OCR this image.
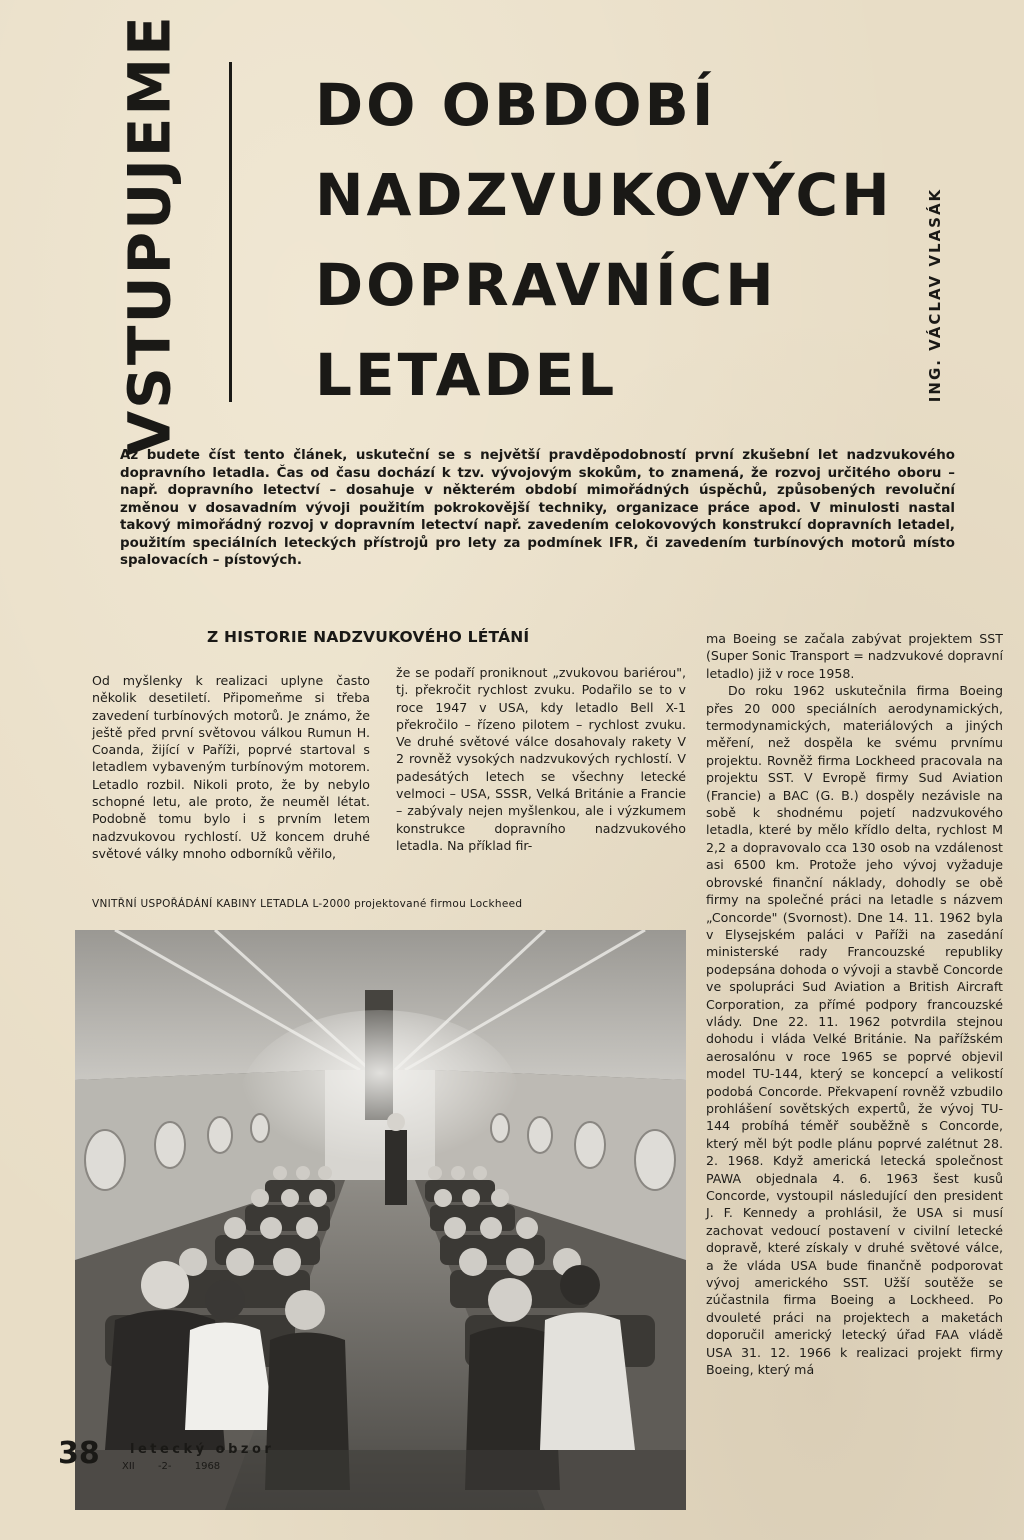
VSTUPUJEME DO OBDOBÍ
NADZVUKOVÝCH
DOPRAVNÍCH
LETADEL	ING. VÁCLAV VLASÁK
Až budete číst tento článek, uskuteční se s největší pravděpodobností první zkušební let nadzvukového dopravního letadla. Čas od času dochází k tzv. vývojovým skokům, to znamená, že rozvoj určitého oboru – např. dopravního letectví – dosahuje v některém období mimořádných úspěchů, způsobených revoluční změnou v dosavadním vývoji použitím pokrokovější techniky, organizace práce apod. V minulosti nastal takový mimořádný rozvoj v dopravním letectví např. zavedením celokovových konstrukcí dopravních letadel, použitím speciálních leteckých přístrojů pro lety za podmínek IFR, či zavedením turbínových motorů místo spalovacích – pístových.
Z HISTORIE NADZVUKOVÉHO LÉTÁNÍ

Od myšlenky k realizaci uplyne často několik desetiletí. Připomeňme si třeba zavedení turbínových motorů. Je známo, že ještě před první světovou válkou Rumun H. Coanda, žijící v Paříži, poprvé startoval s letadlem vybaveným turbínovým motorem. Letadlo rozbil. Nikoli proto, že by nebylo schopné letu, ale proto, že neuměl létat. Podobně tomu bylo i s prvním letem nadzvukovou rychlostí. Už koncem druhé světové války mnoho odborníků věřilo,

že se podaří proniknout „zvukovou bariérou", tj. překročit rychlost zvuku. Podařilo se to v roce 1947 v USA, kdy letadlo Bell X-1 překročilo – řízeno pilotem – rychlost zvuku. Ve druhé světové válce dosahovaly rakety V 2 rovněž vysokých nadzvukových rychlostí. V padesátých letech se všechny letecké velmoci – USA, SSSR, Velká Británie a Francie – zabývaly nejen myšlenkou, ale i výzkumem konstrukce dopravního nadzvukového letadla. Na příklad fir-

ma Boeing se začala zabývat projektem SST (Super Sonic Transport = nadzvukové dopravní letadlo) již v roce 1958.

Do roku 1962 uskutečnila firma Boeing přes 20 000 speciálních aerodynamických, termodynamických, materiálových a jiných měření, než dospěla ke svému prvnímu projektu. Rovněž firma Lockheed pracovala na projektu SST. V Evropě firmy Sud Aviation (Francie) a BAC (G. B.) dospěly nezávisle na sobě k shodnému pojetí nadzvukového letadla, které by mělo křídlo delta, rychlost M 2,2 a dopravovalo cca 130 osob na vzdálenost asi 6500 km. Protože jeho vývoj vyžaduje obrovské finanční náklady, dohodly se obě firmy na společné práci na letadle s názvem „Concorde" (Svornost). Dne 14. 11. 1962 byla v Elysejském paláci v Paříži na zasedání ministerské rady Francouzské republiky podepsána dohoda o vývoji a stavbě Concorde ve spolupráci Sud Aviation a British Aircraft Corporation, za přímé podpory francouzské vlády. Dne 22. 11. 1962 potvrdila stejnou dohodu i vláda Velké Británie. Na pařížském aerosalónu v roce 1965 se poprvé objevil model TU-144, který se koncepcí a velikostí podobá Concorde. Překvapení rovněž vzbudilo prohlášení sovětských expertů, že vývoj TU-144 probíhá téměř souběžně s Concorde, který měl být podle plánu poprvé zalétnut 28. 2. 1968. Když americká letecká společnost PAWA objednala 4. 6. 1963 šest kusů Concorde, vystoupil následující den president J. F. Kennedy a prohlásil, že USA si musí zachovat vedoucí postavení v civilní letecké dopravě, které získaly v druhé světové válce, a že vláda USA bude finančně podporovat vývoj amerického SST. Užší soutěže se zúčastnila firma Boeing a Lockheed. Po dvouleté práci na projektech a maketách doporučil americký letecký úřad FAA vládě USA 31. 12. 1966 k realizaci projekt firmy Boeing, který má

VNITŘNÍ USPOŘÁDÁNÍ KABINY LETADLA L-2000 projektované firmou Lockheed
38 letecký obzor
XII -2- 1968
